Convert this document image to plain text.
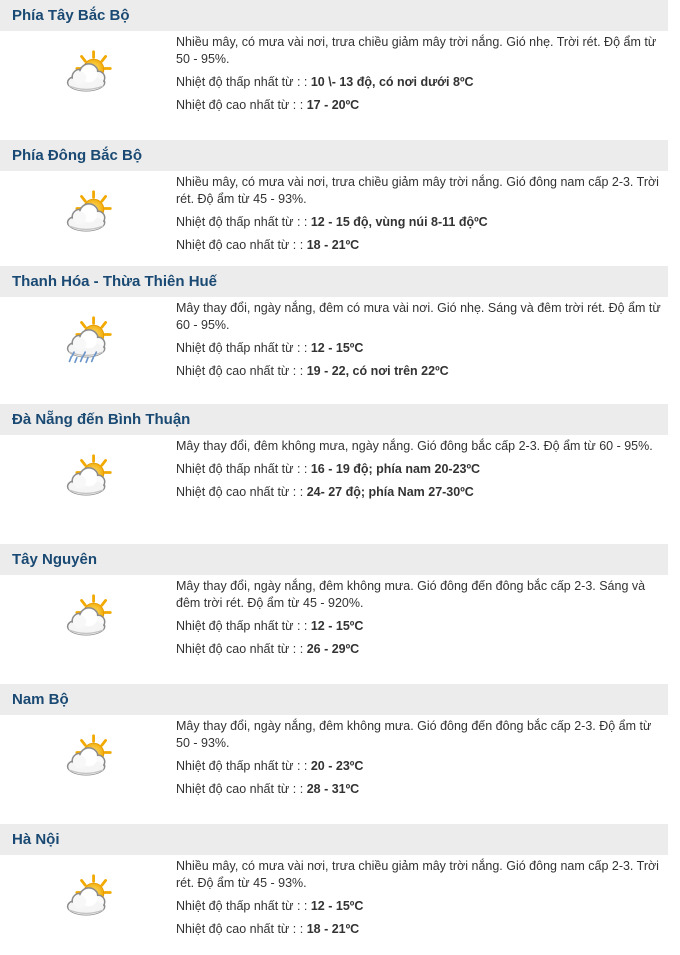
Phía Tây Bắc Bộ

Nhiều mây, có mưa vài nơi, trưa chiều giảm mây trời nắng. Gió nhẹ. Trời rét. Độ ẩm từ 50 - 95%.

Nhiệt độ thấp nhất từ : : 10 \- 13 độ, có nơi dưới 8ºC
Nhiệt độ cao nhất từ : : 17 - 20ºC
Phía Đông Bắc Bộ

Nhiều mây, có mưa vài nơi, trưa chiều giảm mây trời nắng. Gió đông nam cấp 2-3. Trời rét. Độ ẩm từ 45 - 93%.

Nhiệt độ thấp nhất từ : : 12 - 15 độ, vùng núi 8-11 độºC
Nhiệt độ cao nhất từ : : 18 - 21ºC
Thanh Hóa - Thừa Thiên Huế

Mây thay đổi, ngày nắng, đêm có mưa vài nơi. Gió nhẹ. Sáng và đêm trời rét. Độ ẩm từ 60 - 95%.

Nhiệt độ thấp nhất từ : : 12 - 15ºC
Nhiệt độ cao nhất từ : : 19 - 22, có nơi trên 22ºC
Đà Nẵng đến Bình Thuận

Mây thay đổi, đêm không mưa, ngày nắng. Gió đông bắc cấp 2-3. Độ ẩm từ 60 - 95%.

Nhiệt độ thấp nhất từ : : 16 - 19 độ; phía nam 20-23ºC
Nhiệt độ cao nhất từ : : 24- 27 độ; phía Nam 27-30ºC
Tây Nguyên

Mây thay đổi, ngày nắng, đêm không mưa. Gió đông đến đông bắc cấp 2-3. Sáng và đêm trời rét. Độ ẩm từ 45 - 920%.

Nhiệt độ thấp nhất từ : : 12 - 15ºC
Nhiệt độ cao nhất từ : : 26 - 29ºC
Nam Bộ

Mây thay đổi, ngày nắng, đêm không mưa. Gió đông đến đông bắc cấp 2-3. Độ ẩm từ 50 - 93%.

Nhiệt độ thấp nhất từ : : 20 - 23ºC
Nhiệt độ cao nhất từ : : 28 - 31ºC
Hà Nội

Nhiều mây, có mưa vài nơi, trưa chiều giảm mây trời nắng. Gió đông nam cấp 2-3. Trời rét. Độ ẩm từ 45 - 93%.

Nhiệt độ thấp nhất từ : : 12 - 15ºC
Nhiệt độ cao nhất từ : : 18 - 21ºC
